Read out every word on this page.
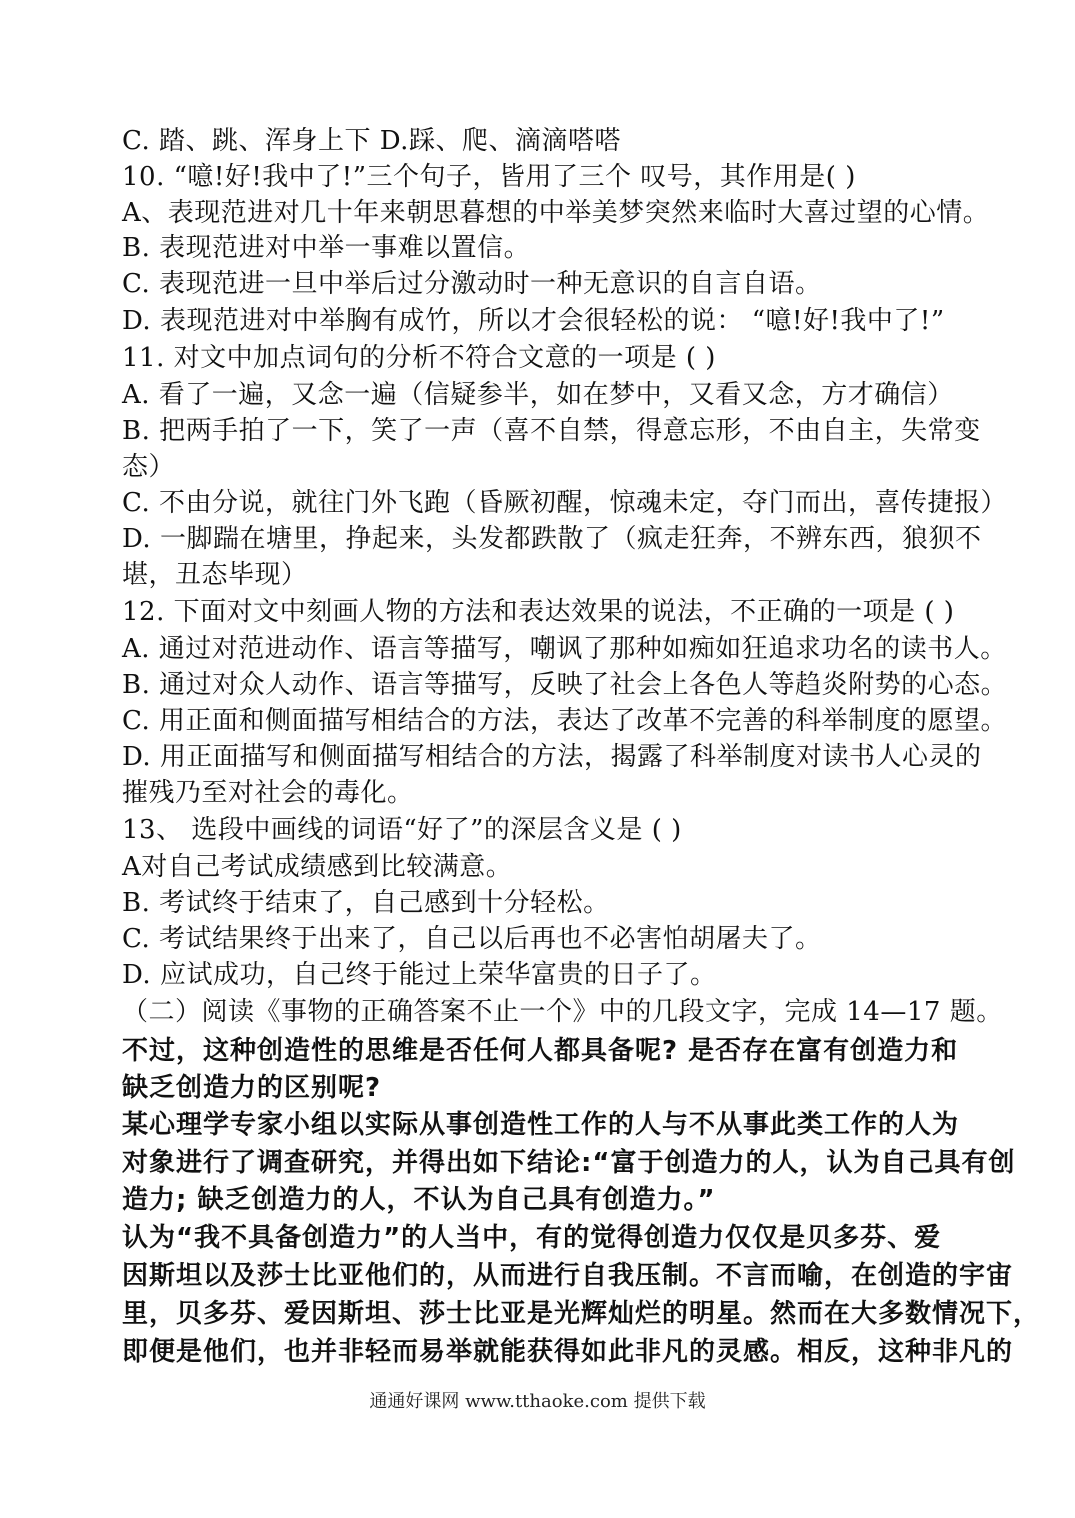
C. 踏、跳、浑身上下 D.踩、爬、滴滴嗒嗒
10. “噫!好!我中了!”三个句子，皆用了三个 叹号，其作用是( )
A、表现范进对几十年来朝思暮想的中举美梦突然来临时大喜过望的心情。
B. 表现范进对中举一事难以置信。
C. 表现范进一旦中举后过分激动时一种无意识的自言自语。
D. 表现范进对中举胸有成竹，所以才会很轻松的说： “噫!好!我中了!”
11. 对文中加点词句的分析不符合文意的一项是 ( )
A. 看了一遍，又念一遍（信疑参半，如在梦中，又看又念，方才确信）
B. 把两手拍了一下，笑了一声（喜不自禁，得意忘形，不由自主，失常变
态）
C. 不由分说，就往门外飞跑（昏厥初醒，惊魂未定，夺门而出，喜传捷报）
D. 一脚踹在塘里，挣起来，头发都跌散了（疯走狂奔，不辨东西，狼狈不
堪，丑态毕现）
12. 下面对文中刻画人物的方法和表达效果的说法，不正确的一项是 ( )
A. 通过对范进动作、语言等描写，嘲讽了那种如痴如狂追求功名的读书人。
B. 通过对众人动作、语言等描写，反映了社会上各色人等趋炎附势的心态。
C. 用正面和侧面描写相结合的方法，表达了改革不完善的科举制度的愿望。
D. 用正面描写和侧面描写相结合的方法，揭露了科举制度对读书人心灵的
摧残乃至对社会的毒化。
13、 选段中画线的词语“好了”的深层含义是 ( )
A对自己考试成绩感到比较满意。
B. 考试终于结束了，自己感到十分轻松。
C. 考试结果终于出来了，自己以后再也不必害怕胡屠夫了。
D. 应试成功，自己终于能过上荣华富贵的日子了。
（二）阅读《事物的正确答案不止一个》中的几段文字，完成 14—17 题。
不过，这种创造性的思维是否任何人都具备呢? 是否存在富有创造力和
缺乏创造力的区别呢?
某心理学专家小组以实际从事创造性工作的人与不从事此类工作的人为
对象进行了调查研究，并得出如下结论:“富于创造力的人，认为自己具有创
造力; 缺乏创造力的人，不认为自己具有创造力。”
认为“我不具备创造力”的人当中，有的觉得创造力仅仅是贝多芬、爱
因斯坦以及莎士比亚他们的，从而进行自我压制。不言而喻，在创造的宇宙
里，贝多芬、爱因斯坦、莎士比亚是光辉灿烂的明星。然而在大多数情况下，
即便是他们，也并非轻而易举就能获得如此非凡的灵感。相反，这种非凡的
通通好课网 www.tthaoke.com 提供下载
